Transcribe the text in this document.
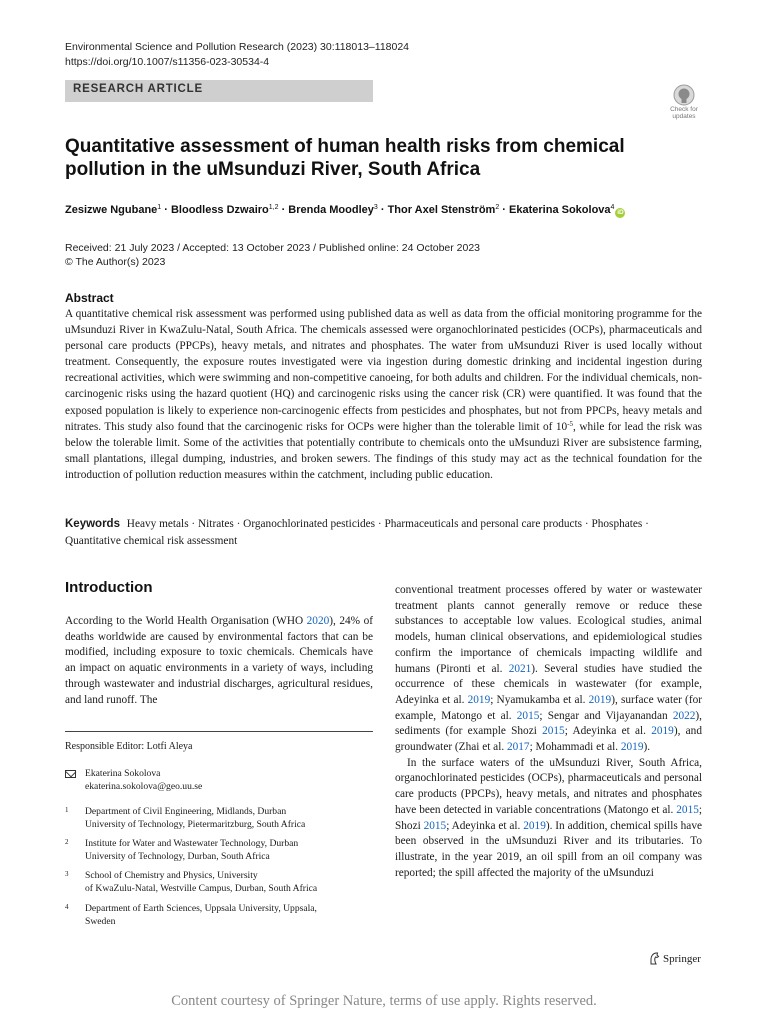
Environmental Science and Pollution Research (2023) 30:118013–118024
https://doi.org/10.1007/s11356-023-30534-4
RESEARCH ARTICLE
Check for
updates
Quantitative assessment of human health risks from chemical pollution in the uMsunduzi River, South Africa
Zesizwe Ngubane$^1$ · Bloodless Dzwairo$^{1,2}$ · Brenda Moodley$^3$ · Thor Axel Stenström$^2$ · Ekaterina Sokolova$^4$iD
Received: 21 July 2023 / Accepted: 13 October 2023 / Published online: 24 October 2023
© The Author(s) 2023
Abstract

A quantitative chemical risk assessment was performed using published data as well as data from the official monitoring programme for the uMsunduzi River in KwaZulu-Natal, South Africa. The chemicals assessed were organochlorinated pesticides (OCPs), pharmaceuticals and personal care products (PPCPs), heavy metals, and nitrates and phosphates. The water from uMsunduzi River is used locally without treatment. Consequently, the exposure routes investigated were via ingestion during domestic drinking and incidental ingestion during recreational activities, which were swimming and non-competitive canoeing, for both adults and children. For the individual chemicals, non-carcinogenic risks using the hazard quotient (HQ) and carcinogenic risks using the cancer risk (CR) were quantified. It was found that the exposed population is likely to experience non-carcinogenic effects from pesticides and phosphates, but not from PPCPs, heavy metals and nitrates. This study also found that the carcinogenic risks for OCPs were higher than the tolerable limit of $10^{-5}$, while for lead the risk was below the tolerable limit. Some of the activities that potentially contribute to chemicals onto the uMsunduzi River are subsistence farming, small plantations, illegal dumping, industries, and broken sewers. The findings of this study may act as the technical foundation for the introduction of pollution reduction measures within the catchment, including public education.

Keywords Heavy metals · Nitrates · Organochlorinated pesticides · Pharmaceuticals and personal care products · Phosphates · Quantitative chemical risk assessment

Introduction

According to the World Health Organisation (WHO 2020), 24% of deaths worldwide are caused by environmental factors that can be modified, including exposure to toxic chemicals. Chemicals have an impact on aquatic environments in a variety of ways, including through wastewater and industrial discharges, agricultural residues, and land runoff. The

conventional treatment processes offered by water or wastewater treatment plants cannot generally remove or reduce these substances to acceptable low values. Ecological studies, animal models, human clinical observations, and epidemiological studies confirm the importance of chemicals impacting wildlife and humans (Pironti et al. 2021). Several studies have studied the occurrence of these chemicals in wastewater (for example, Adeyinka et al. 2019; Nyamukamba et al. 2019), surface water (for example, Matongo et al. 2015; Sengar and Vijayanandan 2022), sediments (for example Shozi 2015; Adeyinka et al. 2019), and groundwater (Zhai et al. 2017; Mohammadi et al. 2019).

In the surface waters of the uMsunduzi River, South Africa, organochlorinated pesticides (OCPs), pharmaceuticals and personal care products (PPCPs), heavy metals, and nitrates and phosphates have been detected in variable concentrations (Matongo et al. 2015; Shozi 2015; Adeyinka et al. 2019). In addition, chemical spills have been observed in the uMsunduzi River and its tributaries. To illustrate, in the year 2019, an oil spill from an oil company was reported; the spill affected the majority of the uMsunduzi

Responsible Editor: Lotfi Aleya
Ekaterina Sokolova
ekaterina.sokolova@geo.uu.se
1 Department of Civil Engineering, Midlands, Durban
University of Technology, Pietermaritzburg, South Africa
2 Institute for Water and Wastewater Technology, Durban
University of Technology, Durban, South Africa
3 School of Chemistry and Physics, University
of KwaZulu-Natal, Westville Campus, Durban, South Africa
4 Department of Earth Sciences, Uppsala University, Uppsala,
Sweden
Springer
Content courtesy of Springer Nature, terms of use apply. Rights reserved.
